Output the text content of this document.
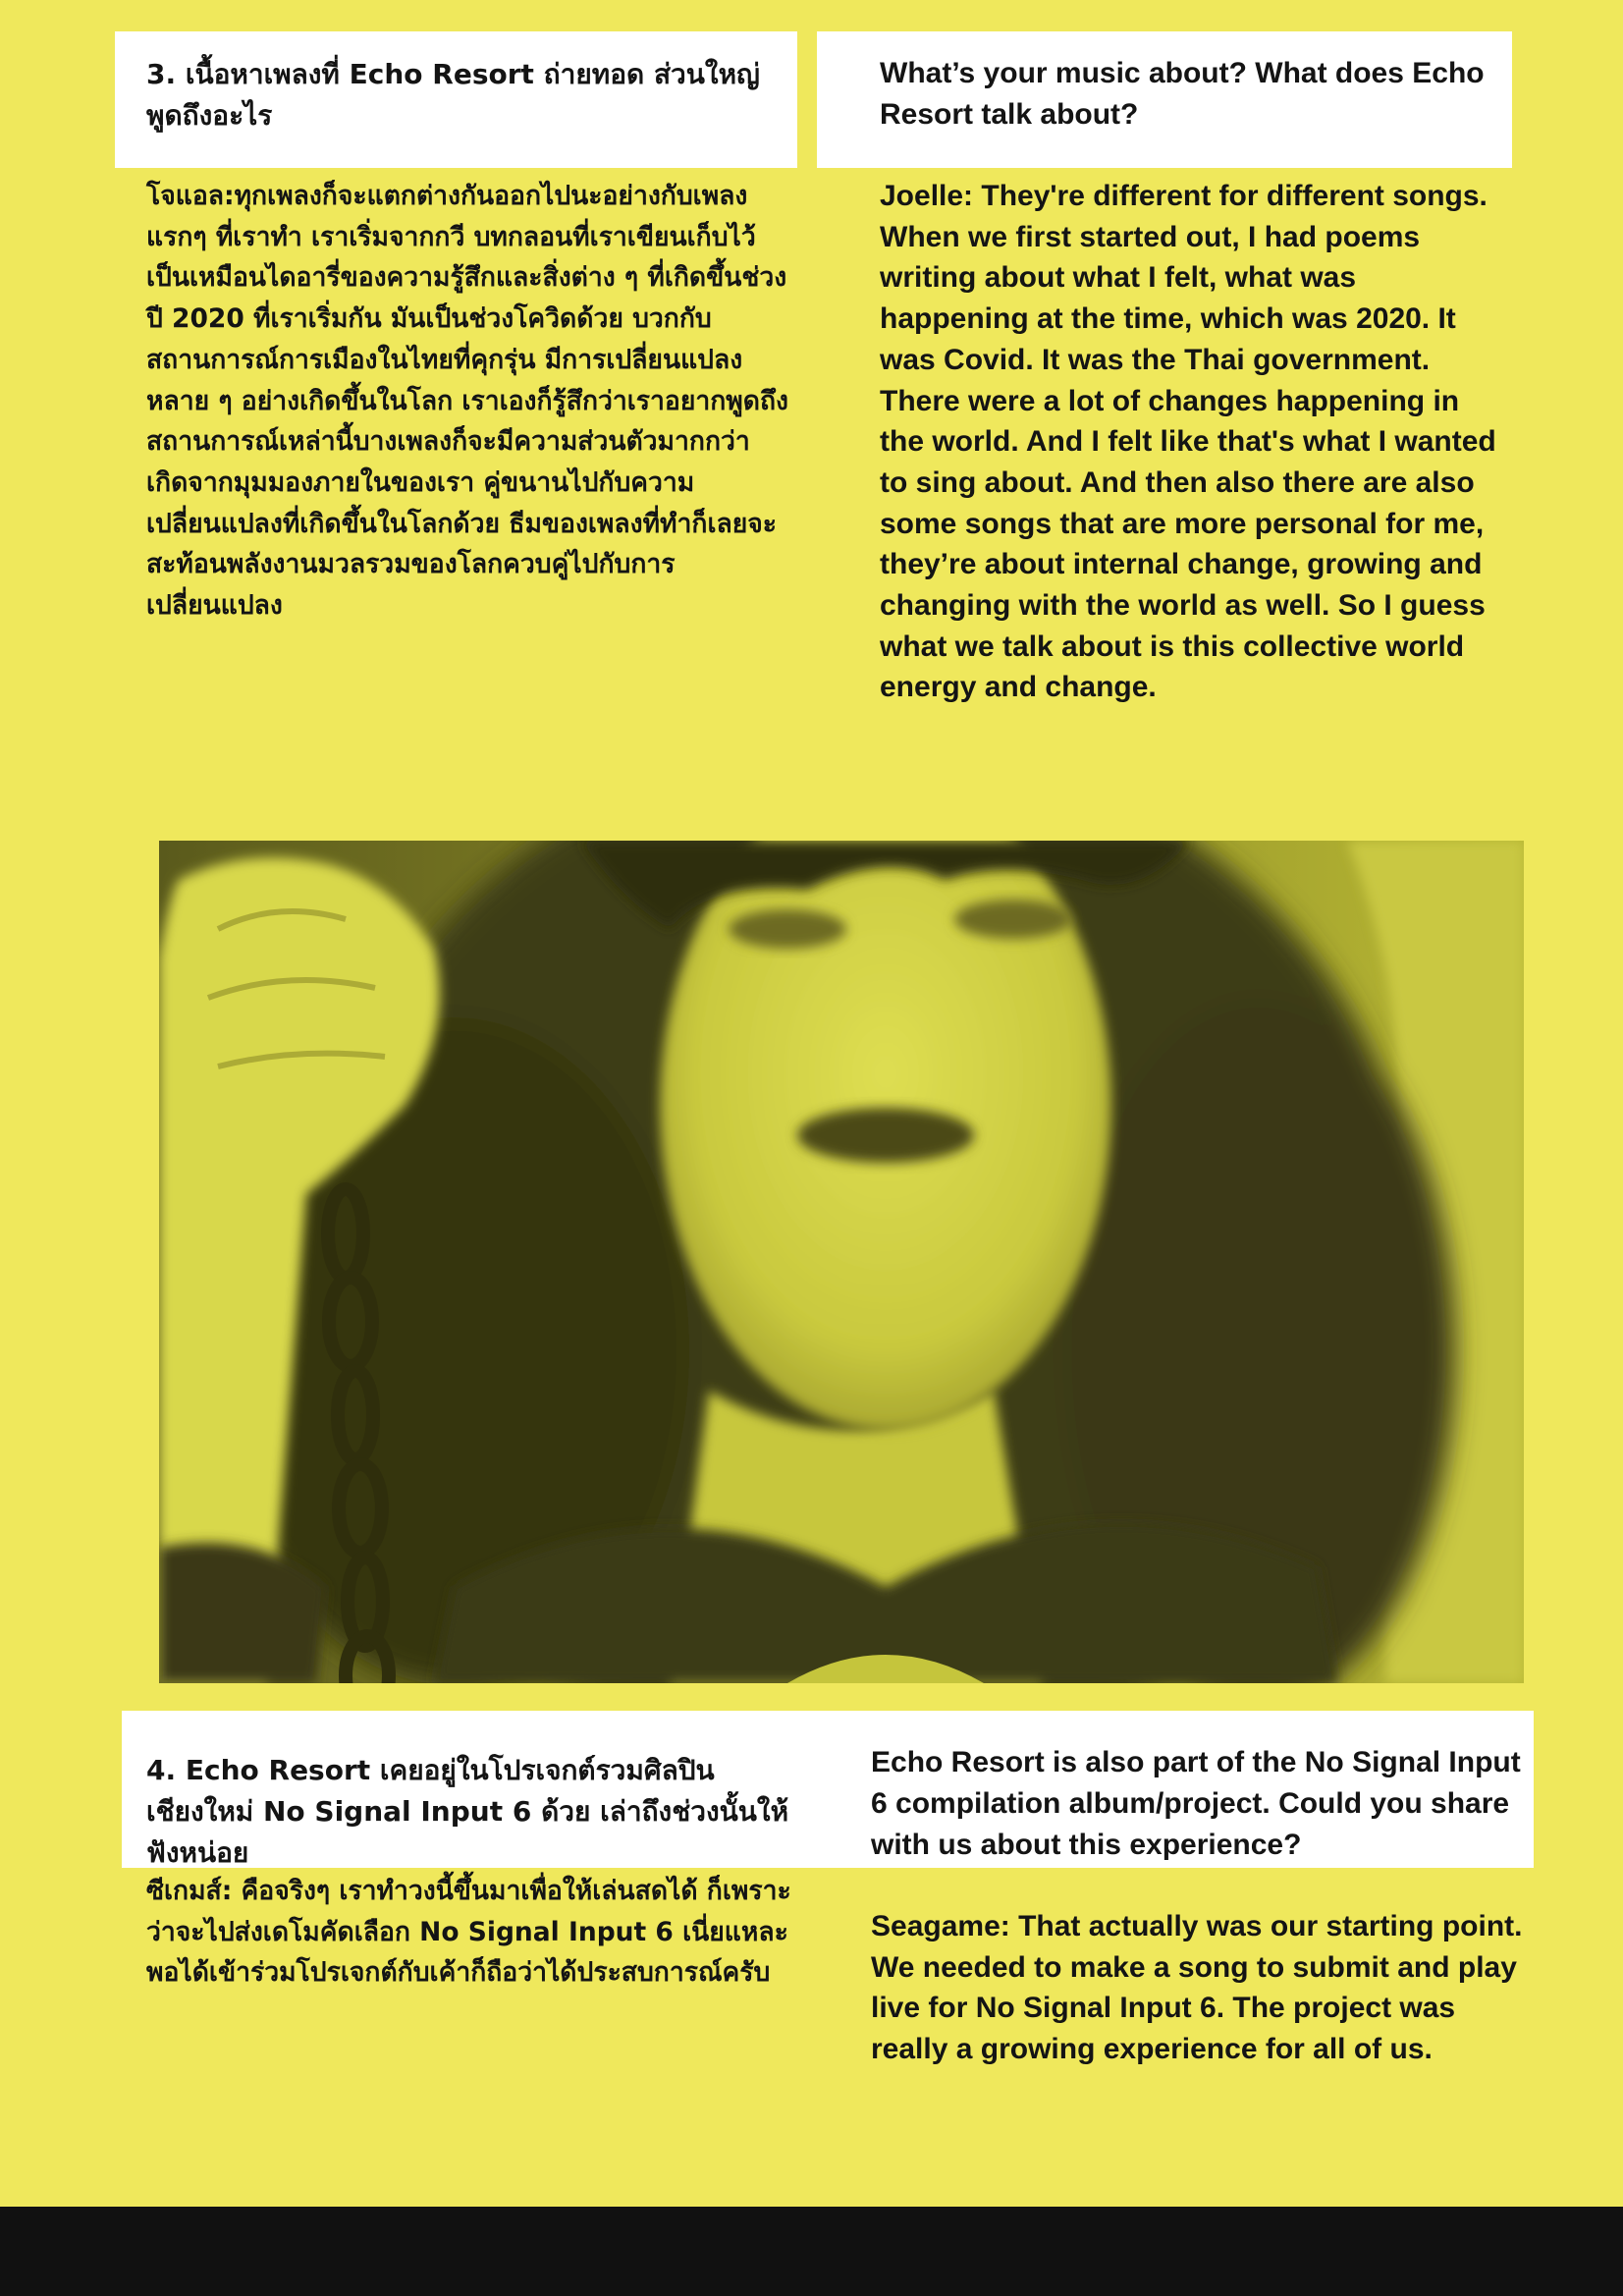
3. เนื้อหาเพลงที่ Echo Resort ถ่ายทอด ส่วนใหญ่พูดถึงอะไร

What’s your music about? What does Echo Resort talk about?

โจแอล:ทุกเพลงก็จะแตกต่างกันออกไปนะอย่างกับเพลงแรกๆ ที่เราทำ เราเริ่มจากกวี บทกลอนที่เราเขียนเก็บไว้ เป็นเหมือนไดอารี่ของความรู้สึกและสิ่งต่าง ๆ ที่เกิดขึ้นช่วงปี 2020 ที่เราเริ่มกัน มันเป็นช่วงโควิดด้วย บวกกับสถานการณ์การเมืองในไทยที่คุกรุ่น มีการเปลี่ยนแปลงหลาย ๆ อย่างเกิดขึ้นในโลก เราเองก็รู้สึกว่าเราอยากพูดถึงสถานการณ์เหล่านี้บางเพลงก็จะมีความส่วนตัวมากกว่า เกิดจากมุมมองภายในของเรา คู่ขนานไปกับความเปลี่ยนแปลงที่เกิดขึ้นในโลกด้วย ธีมของเพลงที่ทำก็เลยจะสะท้อนพลังงานมวลรวมของโลกควบคู่ไปกับการเปลี่ยนแปลง

Joelle: They're different for different songs. When we first started out, I had poems writing about what I felt, what was happening at the time, which was 2020. It was Covid. It was the Thai government. There were a lot of changes happening in the world. And I felt like that's what I wanted to sing about. And then also there are also some songs that are more personal for me, they’re about internal change, growing and changing with the world as well. So I guess what we talk about is this collective world energy and change.

4. Echo Resort เคยอยู่ในโปรเจกต์รวมศิลปินเชียงใหม่ No Signal Input 6 ด้วย เล่าถึงช่วงนั้นให้ฟังหน่อย

Echo Resort is also part of the No Signal Input 6 compilation album/project. Could you share with us about this experience?

ซีเกมส์: คือจริงๆ เราทำวงนี้ขึ้นมาเพื่อให้เล่นสดได้ ก็เพราะว่าจะไปส่งเดโมคัดเลือก No Signal Input 6 เนี่ยแหละ พอได้เข้าร่วมโปรเจกต์กับเค้าก็ถือว่าได้ประสบการณ์ครับ

Seagame: That actually was our starting point. We needed to make a song to submit and play live for No Signal Input 6. The project was really a growing experience for all of us.
